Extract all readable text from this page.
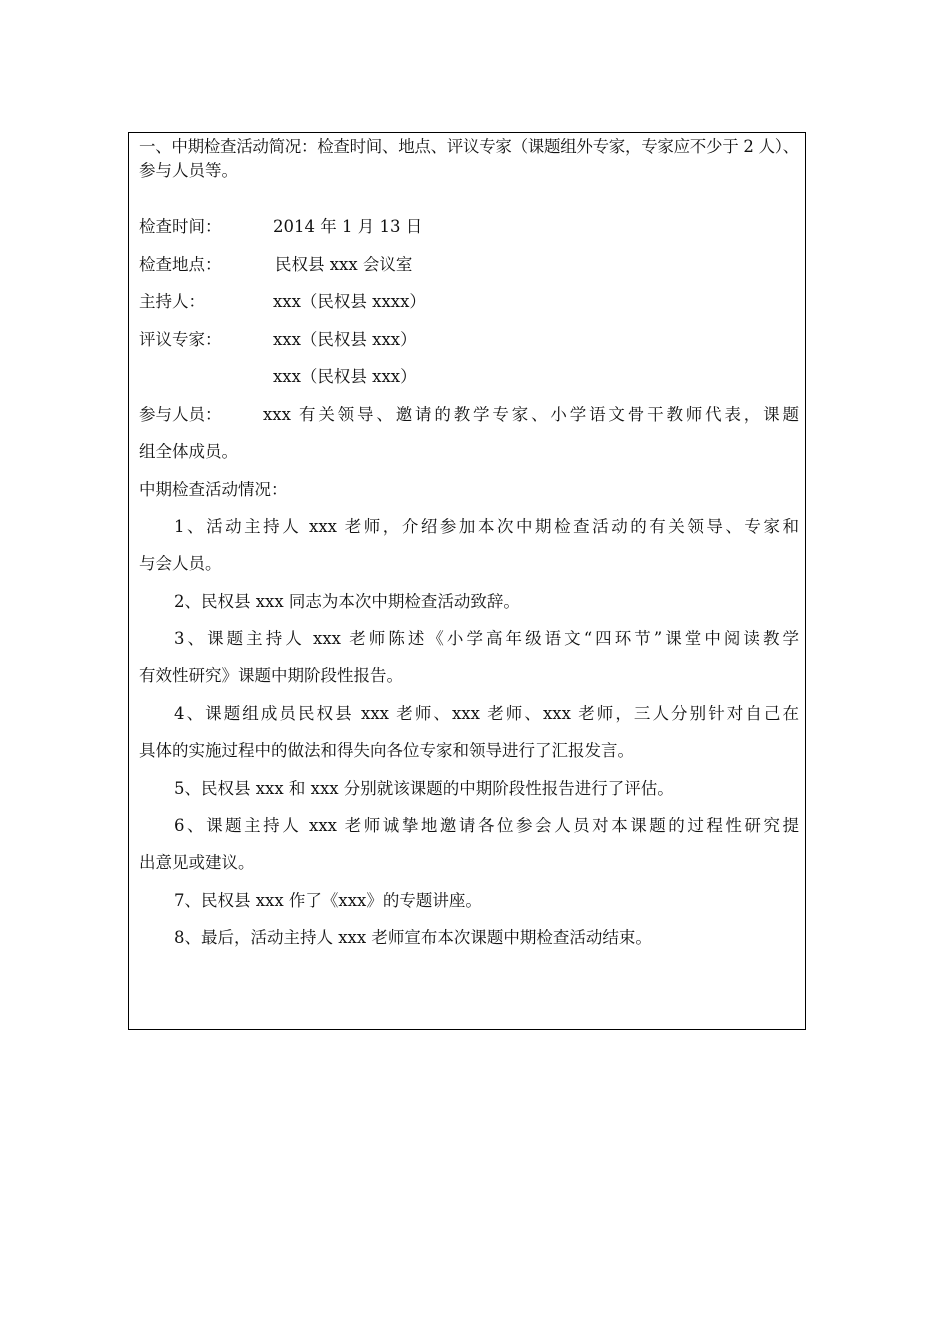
一、中期检查活动简况：检查时间、地点、评议专家（课题组外专家，专家应不少于 2 人）、
参与人员等。
检查时间：	2014 年 1 月 13 日
检查地点：	民权县 xxx 会议室
主持人：	xxx（民权县 xxxx）
评议专家：	xxx（民权县 xxx）
xxx（民权县 xxx）
参与人员：	xxx 有关领导、邀请的教学专家、小学语文骨干教师代表，课题
组全体成员。
中期检查活动情况：
1、活动主持人 xxx 老师，介绍参加本次中期检查活动的有关领导、专家和
与会人员。
2、民权县 xxx 同志为本次中期检查活动致辞。
3、课题主持人 xxx 老师陈述《小学高年级语文“四环节”课堂中阅读教学
有效性研究》课题中期阶段性报告。
4、课题组成员民权县 xxx 老师、xxx 老师、xxx 老师，三人分别针对自己在
具体的实施过程中的做法和得失向各位专家和领导进行了汇报发言。
5、民权县 xxx 和 xxx 分别就该课题的中期阶段性报告进行了评估。
6、课题主持人 xxx 老师诚挚地邀请各位参会人员对本课题的过程性研究提
出意见或建议。
7、民权县 xxx 作了《xxx》的专题讲座。
8、最后，活动主持人 xxx 老师宣布本次课题中期检查活动结束。
